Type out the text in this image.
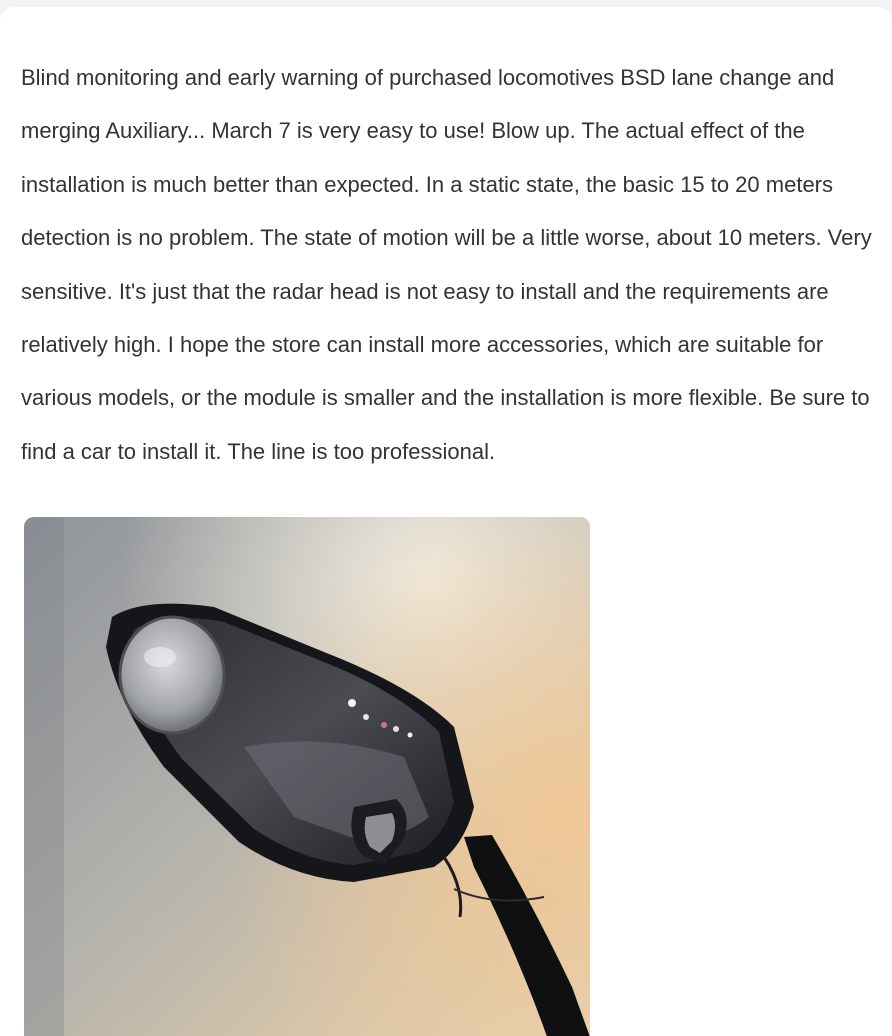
Blind monitoring and early warning of purchased locomotives BSD lane change and merging Auxiliary... March 7 is very easy to use! Blow up. The actual effect of the installation is much better than expected. In a static state, the basic 15 to 20 meters detection is no problem. The state of motion will be a little worse, about 10 meters. Very sensitive. It's just that the radar head is not easy to install and the requirements are relatively high. I hope the store can install more accessories, which are suitable for various models, or the module is smaller and the installation is more flexible. Be sure to find a car to install it. The line is too professional.
